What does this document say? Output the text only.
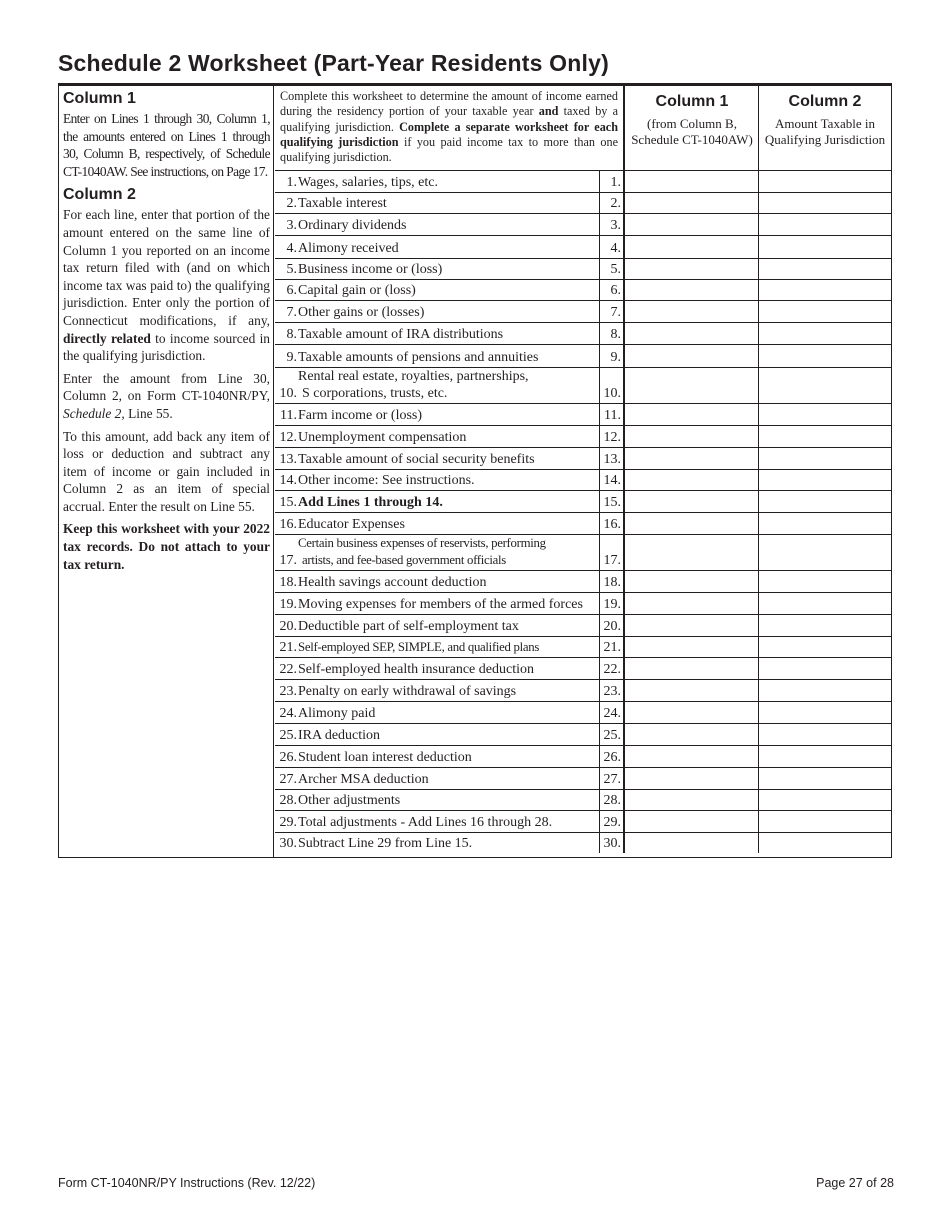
Schedule 2 Worksheet (Part-Year Residents Only)
Column 1

Enter on Lines 1 through 30, Column 1, the amounts entered on Lines 1 through 30, Column B, respectively, of Schedule CT-1040AW. See instructions, on Page 17.

Column 2

For each line, enter that portion of the amount entered on the same line of Column 1 you reported on an income tax return filed with (and on which income tax was paid to) the qualifying jurisdiction. Enter only the portion of Connecticut modifications, if any, directly related to income sourced in the qualifying jurisdiction.

Enter the amount from Line 30, Column 2, on Form CT-1040NR/PY, Schedule 2, Line 55.

To this amount, add back any item of loss or deduction and subtract any item of income or gain included in Column 2 as an item of special accrual. Enter the result on Line 55.

Keep this worksheet with your 2022 tax records. Do not attach to your tax return.

Complete this worksheet to determine the amount of income earned during the residency portion of your taxable year and taxed by a qualifying jurisdiction. Complete a separate worksheet for each qualifying jurisdiction if you paid income tax to more than one qualifying jurisdiction.
Column 1
(from Column B, Schedule CT-1040AW)
Column 2
Amount Taxable in Qualifying Jurisdiction
1. Wages, salaries, tips, etc.	1.
2. Taxable interest	2.
3. Ordinary dividends	3.
4. Alimony received	4.
5. Business income or (loss)	5.
6. Capital gain or (loss)	6.
7. Other gains or (losses)	7.
8. Taxable amount of IRA distributions	8.
9. Taxable amounts of pensions and annuities	9.
10.
Rental real estate, royalties, partnerships,
S corporations, trusts, etc.	10.
11. Farm income or (loss)	11.
12. Unemployment compensation	12.
13. Taxable amount of social security benefits	13.
14. Other income: See instructions.	14.
15. Add Lines 1 through 14.	15.
16. Educator Expenses	16.
17.
Certain business expenses of reservists, performing
artists, and fee-based government officials	17.
18. Health savings account deduction	18.
19. Moving expenses for members of the armed forces	19.
20. Deductible part of self-employment tax	20.
21. Self-employed SEP, SIMPLE, and qualified plans	21.
22. Self-employed health insurance deduction	22.
23. Penalty on early withdrawal of savings	23.
24. Alimony paid	24.
25. IRA deduction	25.
26. Student loan interest deduction	26.
27. Archer MSA deduction	27.
28. Other adjustments	28.
29. Total adjustments - Add Lines 16 through 28.	29.
30. Subtract Line 29 from Line 15.	30.
Form CT-1040NR/PY Instructions (Rev. 12/22)	Page 27 of 28
